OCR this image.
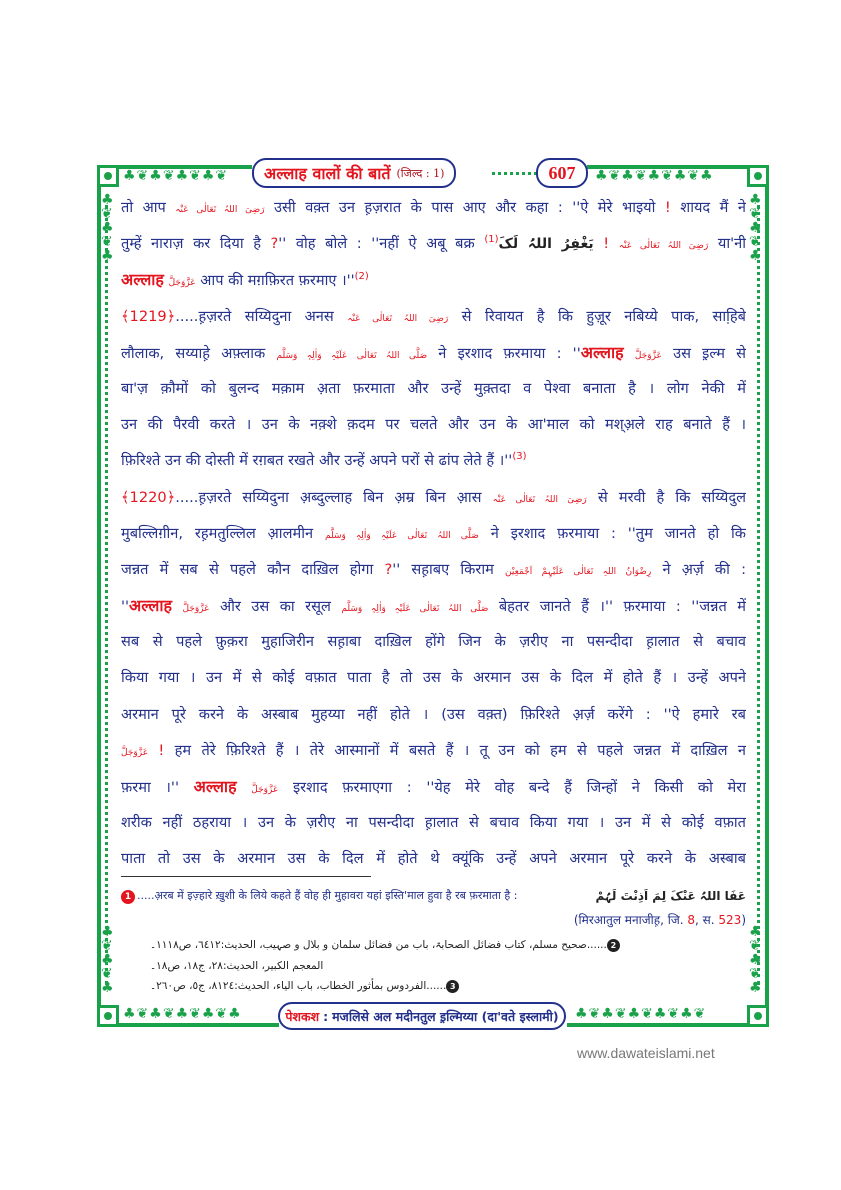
♣❦♣❦♣❦♣❦	♣❦♣❦♣❦♣❦♣
♣❦♣❦♣❦♣❦♣	♣❦♣❦♣❦♣❦♣❦
♣ ❦ ♣ ❦ ♣
♣ ❦ ♣ ❦ ♣
♣ ❦ ♣ ❦ ♣
♣ ❦ ♣ ❦ ♣
अल्लाह वालों की बातें (जिल्द : 1)	607
तो आप رَضِیَ اللہُ تَعَالٰی عَنْہ उसी वक़्त उन ह़ज़रात के पास आए और कहा : ''ऐ मेरे भाइयो ! शायद मैं ने
तुम्हें नाराज़ कर दिया है ?'' वोह बोले : ''नहीं ऐ अबू बक्र	رَضِیَ اللہُ تَعَالٰی عَنْہ ! یَغْفِرُ اللہُ لَکَ$^{(1)}$	या'नी
अल्लाह عَزَّوَجَلَّ आप की मग़फ़िरत फ़रमाए $।''^{(2)}$
﴾1219﴿.....ह़ज़रते सय्यिदुना अनस رَضِیَ اللہُ تَعَالٰی عَنْہ से रिवायत है कि हुज़ूर नबिय्ये पाक, साहि़बे
लौलाक, सय्याहे़ अफ़्लाक صَلَّی اللہُ تَعَالٰی عَلَیْہِ وَاٰلِہٖ وَسَلَّم ने इरशाद फ़रमाया : ''अल्लाह عَزَّوَجَلَّ उस इ़ल्म से
बा'ज़ क़ौमों को बुलन्द मक़ाम अ़ता फ़रमाता और उन्हें मुक़्तदा व पेश्वा बनाता है । लोग नेकी में
उन की पैरवी करते । उन के नक़्शे क़दम पर चलते और उन के आ'माल को मश्अ़ले राह बनाते हैं ।
फ़िरिश्ते उन की दोस्ती में रग़बत रखते और उन्हें अपने परों से ढांप लेते हैं $।''^{(3)}$
﴾1220﴿.....ह़ज़रते सय्यिदुना अ़ब्दुल्लाह बिन अ़म्र बिन आ़स رَضِیَ اللہُ تَعَالٰی عَنْہ से मरवी है कि सय्यिदुल
मुबल्लिग़ीन, रह़मतुल्लिल आ़लमीन صَلَّی اللہُ تَعَالٰی عَلَیْہِ وَاٰلِہٖ وَسَلَّم ने इरशाद फ़रमाया : ''तुम जानते हो कि
जन्नत में सब से पहले कौन दाख़िल होगा ?'' सह़ाबए किराम رِضْوَانُ اللہِ تَعَالٰی عَلَیْہِمْ اَجْمَعِیْن ने अ़र्ज़ की :
''अल्लाह عَزَّوَجَلَّ और उस का रसूल صَلَّی اللہُ تَعَالٰی عَلَیْہِ وَاٰلِہٖ وَسَلَّم बेहतर जानते हैं ।'' फ़रमाया : ''जन्नत में
सब से पहले फ़ुक़रा मुहाजिरीन सह़ाबा दाख़िल होंगे जिन के ज़रीए ना पसन्दीदा ह़ालात से बचाव
किया गया । उन में से कोई वफ़ात पाता है तो उस के अरमान उस के दिल में होते हैं । उन्हें अपने
अरमान पूरे करने के अस्बाब मुहय्या नहीं होते । (उस वक़्त) फ़िरिश्ते अ़र्ज़ करेंगे : ''ऐ हमारे रब
عَزَّوَجَلَّ ! हम तेरे फ़िरिश्ते हैं । तेरे आस्मानों में बसते हैं । तू उन को हम से पहले जन्नत में दाख़िल न
फ़रमा ।'' अल्लाह عَزَّوَجَلَّ इरशाद फ़रमाएगा : ''येह मेरे वोह बन्दे हैं जिन्हों ने किसी को मेरा
शरीक नहीं ठहराया । उन के ज़रीए ना पसन्दीदा ह़ालात से बचाव किया गया । उन में से कोई वफ़ात
पाता तो उस के अरमान उस के दिल में होते थे क्यूंकि उन्हें अपने अरमान पूरे करने के अस्बाब
1 .....अ़रब में इज़्हारे ख़ुशी के लिये कहते हैं वोह ही मुहावरा यहां इस्ति'माल हुवा है रब फ़रमाता है :	عَفَا اللہُ عَنْکَ لِمَ اَذِنْتَ لَہُمْ
(मिरआतुल मनाजीह़, जि. 8, स. 523)
2......صحیح مسلم، کتاب فضائل الصحابۃ، باب من فضائل سلمان و بلال و صہیب، الحدیث:٦٤١٢، ص١١١٨۔
المعجم الکبیر، الحدیث:٢٨، ج١٨، ص١٨۔
3......الفردوس بمأثور الخطاب، باب الیاء، الحدیث:٨١٢٤، ج٥، ص٢٦٠۔
पेशकश : मजलिसे अल मदीनतुल इ़ल्मिय्या (दा'वते इस्लामी)
www.dawateislami.net
